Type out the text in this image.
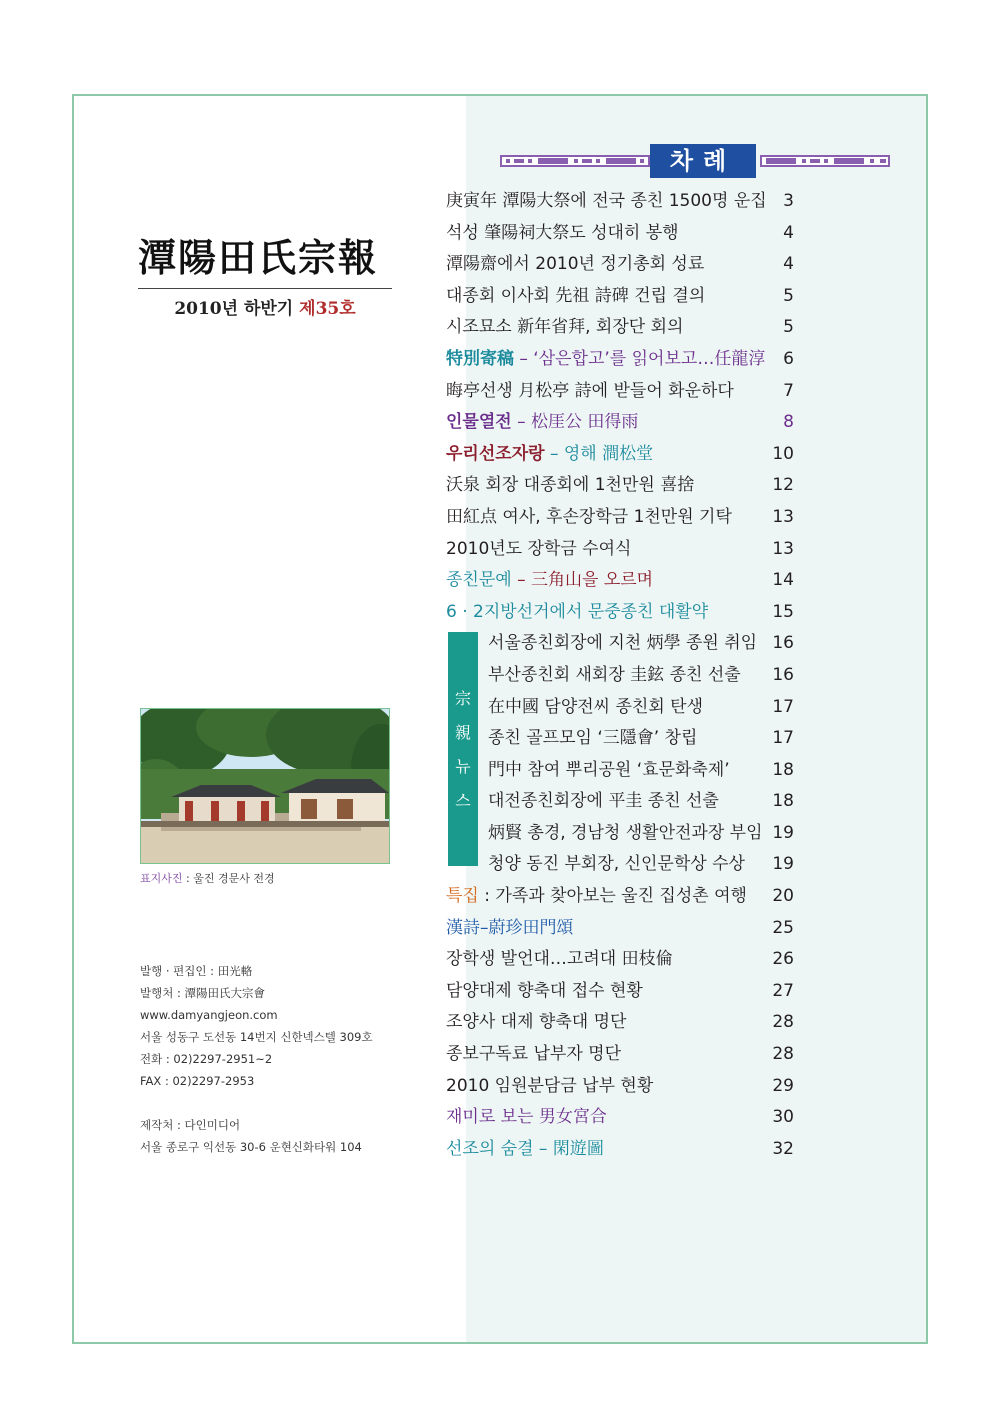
潭陽田氏宗報
2010년 하반기 제35호
표지사진 : 울진 경문사 전경
발행 · 편집인 : 田光輅
발행처 : 潭陽田氏大宗會
www.damyangjeon.com
서울 성동구 도선동 14번지 신한넥스텔 309호
전화 : 02)2297-2951~2
FAX : 02)2297-2953
제작처 : 다인미디어
서울 종로구 익선동 30-6 운현신화타워 104
차례
庚寅年 潭陽大祭에 전국 종친 1500명 운집 3
석성 肇陽祠大祭도 성대히 봉행	4
潭陽齋에서 2010년 정기총회 성료	4
대종회 이사회 先祖 詩碑 건립 결의	5
시조묘소 新年省拜, 회장단 회의	5
特別寄稿 – ‘삼은합고’를 읽어보고…任龍淳 6
晦亭선생 月松亭 詩에 받들어 화운하다	7
인물열전 – 松厓公 田得雨	8
우리선조자랑 – 영해 澗松堂	10
沃泉 회장 대종회에 1천만원 喜捨	12
田紅点 여사, 후손장학금 1천만원 기탁 13
2010년도 장학금 수여식	13
종친문예 – 三角山을 오르며	14
6 · 2지방선거에서 문중종친 대활약	15
서울종친회장에 지천 炳學 종원 취임 16
부산종친회 새회장 圭鉉 종친 선출 16
在中國 담양전씨 종친회 탄생	17
종친 골프모임 ‘三隱會’ 창립	17
門中 참여 뿌리공원 ‘효문화축제’	18
대전종친회장에 平圭 종친 선출	18
炳賢 총경, 경남청 생활안전과장 부임 19
청양 동진 부회장, 신인문학상 수상 19
특집 : 가족과 찾아보는 울진 집성촌 여행 20
漢詩–蔚珍田門頌	25
장학생 발언대…고려대 田枝倫	26
담양대제 향축대 접수 현황	27
조양사 대제 향축대 명단	28
종보구독료 납부자 명단	28
2010 임원분담금 납부 현황	29
재미로 보는 男女宮合	30
선조의 숨결 – 閑遊圖	32
宗
親
뉴
스
